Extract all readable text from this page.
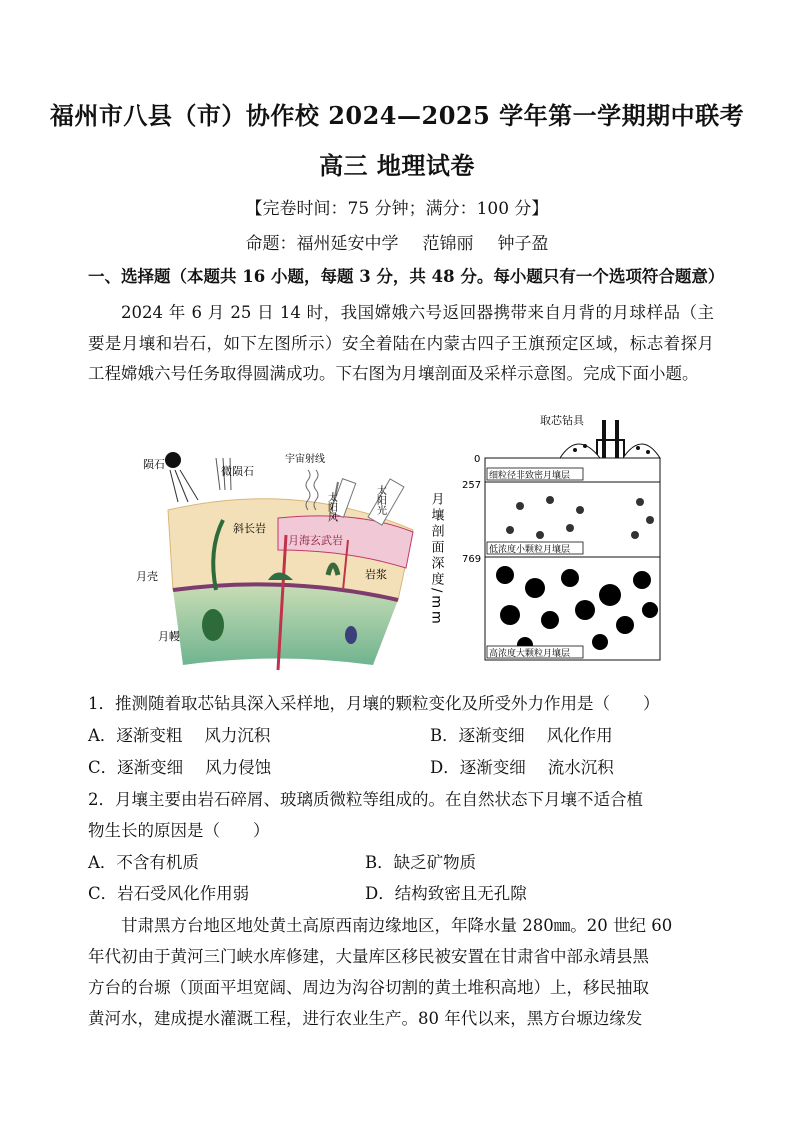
福州市八县（市）协作校 2024—2025 学年第一学期期中联考
高三 地理试卷
【完卷时间：75 分钟；满分：100 分】
命题：福州延安中学 范锦丽 钟子盈
一、选择题（本题共 16 小题，每题 3 分，共 48 分。每小题只有一个选项符合题意）
2024 年 6 月 25 日 14 时，我国嫦娥六号返回器携带来自月背的月球样品（主要是月壤和岩石，如下左图所示）安全着陆在内蒙古四子王旗预定区域，标志着探月工程嫦娥六号任务取得圆满成功。下右图为月壤剖面及采样示意图。完成下面小题。
陨石
微陨石
宇宙射线
太阳风	太阳光
斜长岩
月海玄武岩
岩浆
月壳
月幔
取芯钻具
细粒径非致密月壤层
低浓度小颗粒月壤层
高浓度大颗粒月壤层
0
257
769
月壤剖面深度/mm
1．推测随着取芯钻具深入采样地，月壤的颗粒变化及所受外力作用是（　　）
A．逐渐变粗 风力沉积	B．逐渐变细 风化作用
C．逐渐变细 风力侵蚀	D．逐渐变细 流水沉积
2．月壤主要由岩石碎屑、玻璃质微粒等组成的。在自然状态下月壤不适合植
物生长的原因是（　　）
A．不含有机质	B．缺乏矿物质
C．岩石受风化作用弱	D．结构致密且无孔隙
甘肃黑方台地区地处黄土高原西南边缘地区，年降水量 280㎜。20 世纪 60
年代初由于黄河三门峡水库修建，大量库区移民被安置在甘肃省中部永靖县黑
方台的台塬（顶面平坦宽阔、周边为沟谷切割的黄土堆积高地）上，移民抽取
黄河水，建成提水灌溉工程，进行农业生产。80 年代以来，黑方台塬边缘发
